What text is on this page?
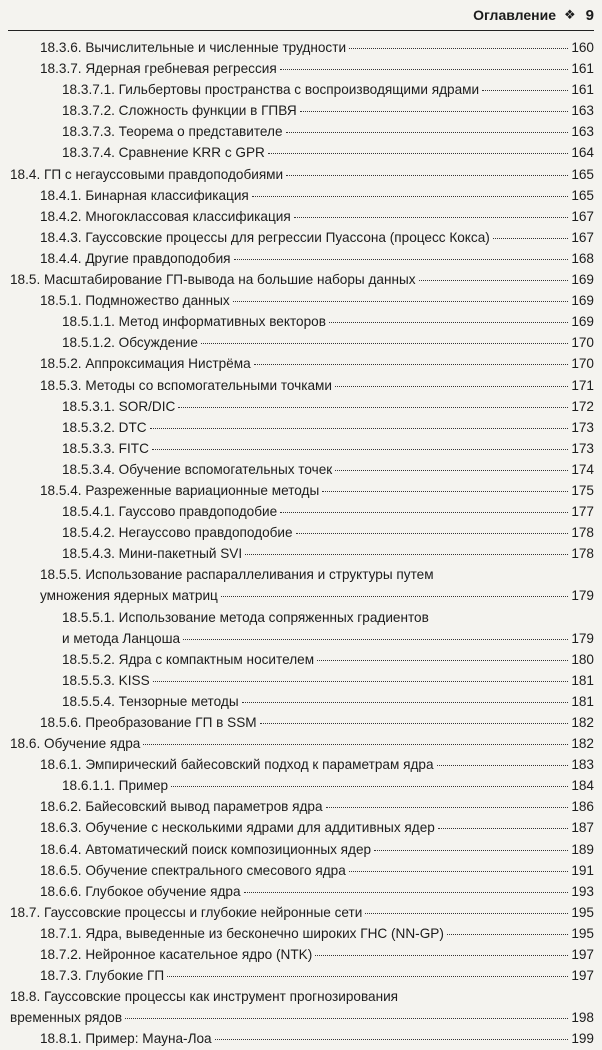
Оглавление ❖ 9
18.3.6. Вычислительные и численные трудности	160
18.3.7. Ядерная гребневая регрессия	161
18.3.7.1. Гильбертовы пространства с воспроизводящими ядрами	161
18.3.7.2. Сложность функции в ГПВЯ	163
18.3.7.3. Теорема о представителе	163
18.3.7.4. Сравнение KRR с GPR	164
18.4. ГП с негауссовыми правдоподобиями	165
18.4.1. Бинарная классификация	165
18.4.2. Многоклассовая классификация	167
18.4.3. Гауссовские процессы для регрессии Пуассона (процесс Кокса)	167
18.4.4. Другие правдоподобия	168
18.5. Масштабирование ГП-вывода на большие наборы данных	169
18.5.1. Подмножество данных	169
18.5.1.1. Метод информативных векторов	169
18.5.1.2. Обсуждение	170
18.5.2. Аппроксимация Нистрёма	170
18.5.3. Методы со вспомогательными точками	171
18.5.3.1. SOR/DIC	172
18.5.3.2. DTC	173
18.5.3.3. FITC	173
18.5.3.4. Обучение вспомогательных точек	174
18.5.4. Разреженные вариационные методы	175
18.5.4.1. Гауссово правдоподобие	177
18.5.4.2. Негауссово правдоподобие	178
18.5.4.3. Мини-пакетный SVI	178
18.5.5. Использование распараллеливания и структуры путем
умножения ядерных матриц	179
18.5.5.1. Использование метода сопряженных градиентов
и метода Ланцоша	179
18.5.5.2. Ядра с компактным носителем	180
18.5.5.3. KISS	181
18.5.5.4. Тензорные методы	181
18.5.6. Преобразование ГП в SSM	182
18.6. Обучение ядра	182
18.6.1. Эмпирический байесовский подход к параметрам ядра	183
18.6.1.1. Пример	184
18.6.2. Байесовский вывод параметров ядра	186
18.6.3. Обучение с несколькими ядрами для аддитивных ядер	187
18.6.4. Автоматический поиск композиционных ядер	189
18.6.5. Обучение спектрального смесового ядра	191
18.6.6. Глубокое обучение ядра	193
18.7. Гауссовские процессы и глубокие нейронные сети	195
18.7.1. Ядра, выведенные из бесконечно широких ГНС (NN-GP)	195
18.7.2. Нейронное касательное ядро (NTK)	197
18.7.3. Глубокие ГП	197
18.8. Гауссовские процессы как инструмент прогнозирования
временных рядов	198
18.8.1. Пример: Мауна-Лоа	199
